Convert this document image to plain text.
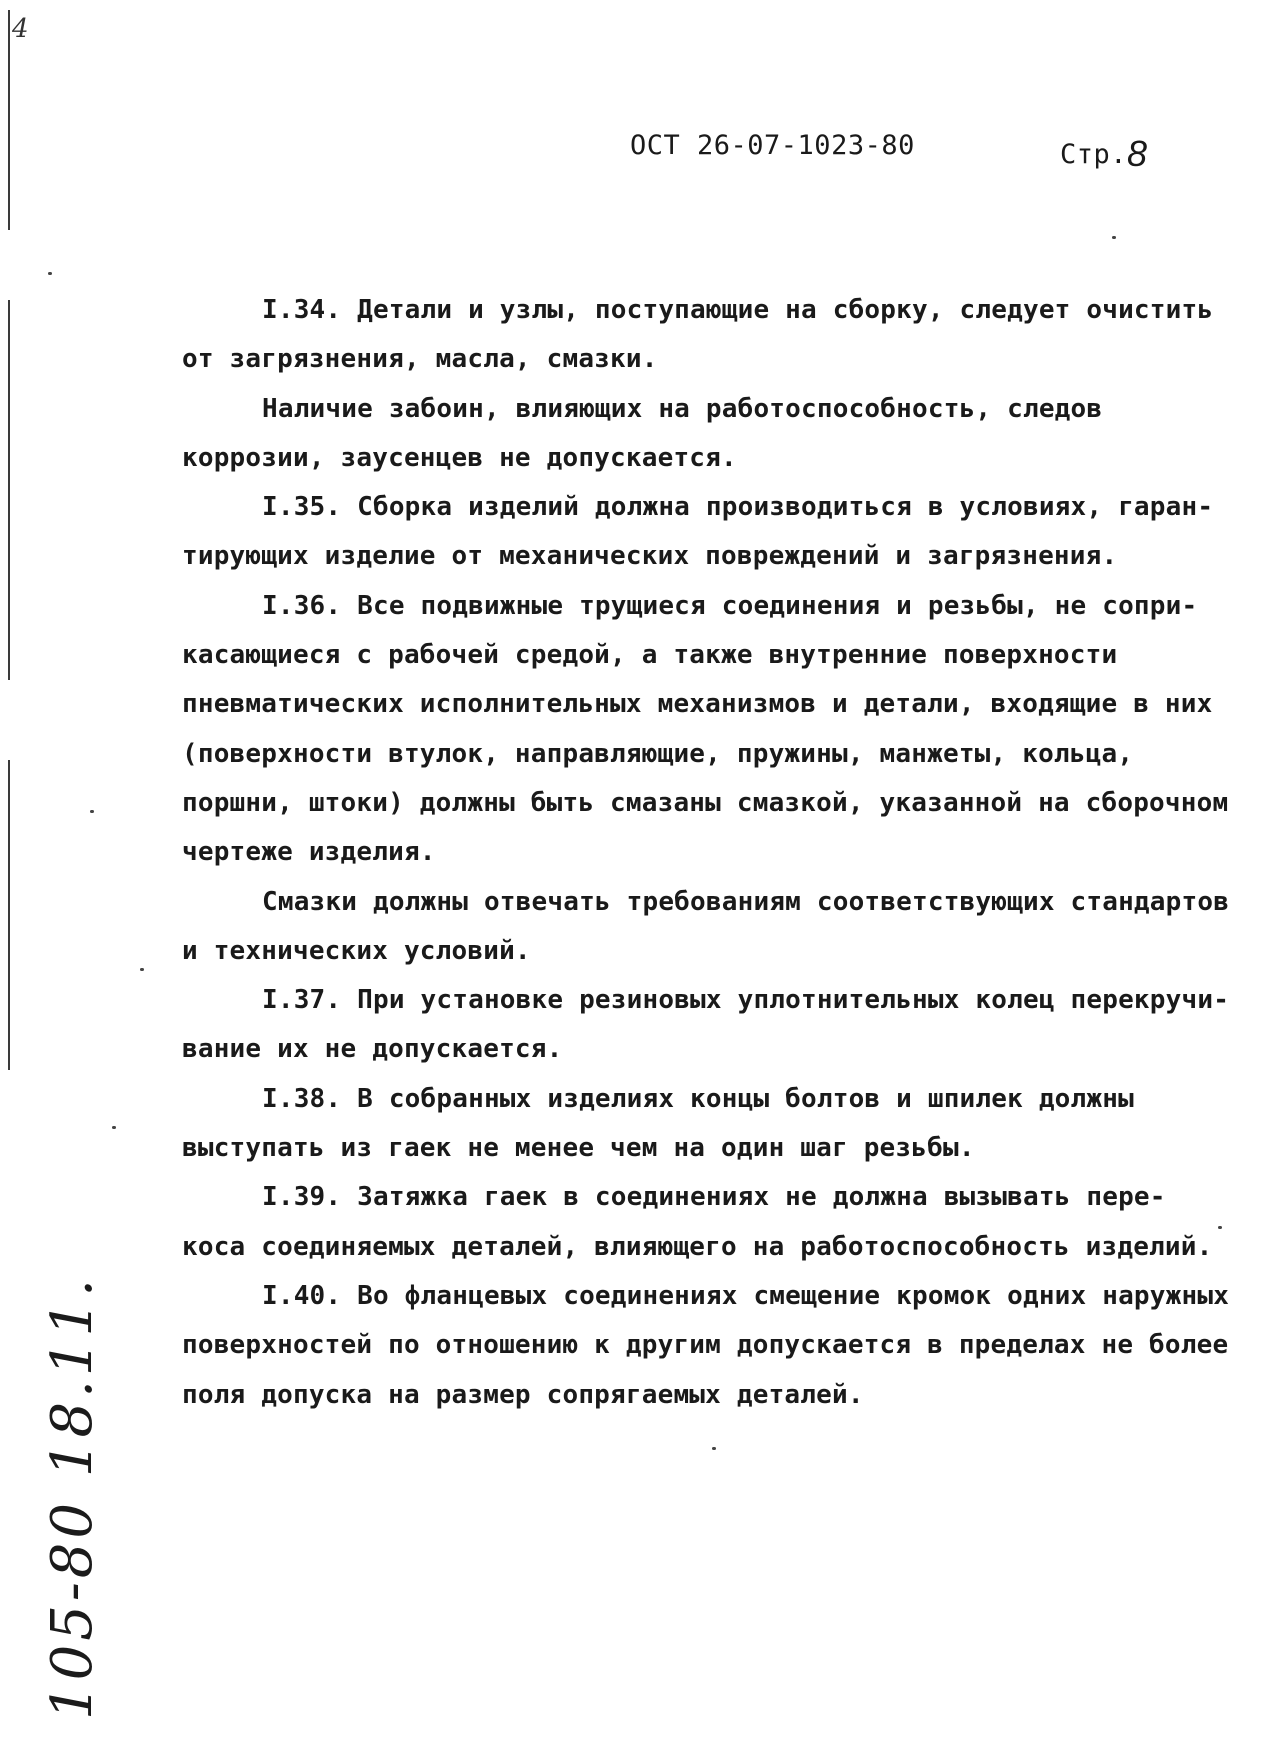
4
ОСТ 26-07-1023-80	Стр.8
I.34. Детали и узлы, поступающие на сборку, следует очистить
от загрязнения, масла, смазки.
Наличие забоин, влияющих на работоспособность, следов
коррозии, заусенцев не допускается.
I.35. Сборка изделий должна производиться в условиях, гаран-
тирующих изделие от механических повреждений и загрязнения.
I.36. Все подвижные трущиеся соединения и резьбы, не сопри-
касающиеся с рабочей средой, а также внутренние поверхности
пневматических исполнительных механизмов и детали, входящие в них
(поверхности втулок, направляющие, пружины, манжеты, кольца,
поршни, штоки) должны быть смазаны смазкой, указанной на сборочном
чертеже изделия.
Смазки должны отвечать требованиям соответствующих стандартов
и технических условий.
I.37. При установке резиновых уплотнительных колец перекручи-
вание их не допускается.
I.38. В собранных изделиях концы болтов и шпилек должны
выступать из гаек не менее чем на один шаг резьбы.
I.39. Затяжка гаек в соединениях не должна вызывать пере-
коса соединяемых деталей, влияющего на работоспособность изделий.
I.40. Во фланцевых соединениях смещение кромок одних наружных
поверхностей по отношению к другим допускается в пределах не более
поля допуска на размер сопрягаемых деталей.
105-80 18.11.
